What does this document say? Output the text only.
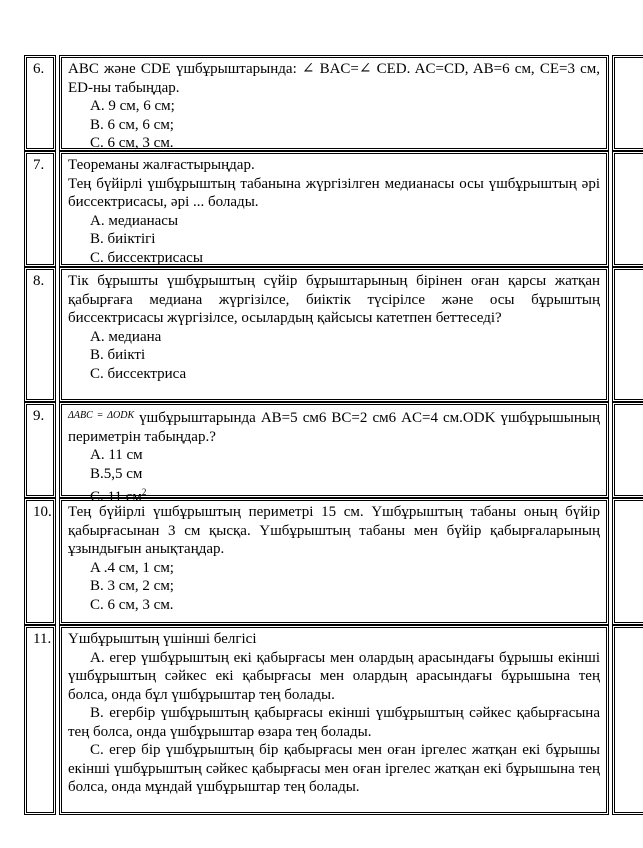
6.	ABC және CDE үшбұрыштарында: ∠ BAC=∠ CED. AC=CD, AB=6 см, CE=3 см, ED-ны табыңдар.

A. 9 см, 6 см;

B. 6 см, 6 см;

C. 6 см, 3 см.

7.	Теореманы жалғастырыңдар.

Тең бүйірлі үшбұрыштың табанына жүргізілген медианасы осы үшбұрыштың әрі биссектрисасы, әрі ... болады.

A. медианасы

B. биіктігі

C. биссектрисасы

8.	Тік бұрышты үшбұрыштың сүйір бұрыштарының бірінен оған қарсы жатқан қабырғаға медиана жүргізілсе, биіктік түсірілсе және осы бұрыштың биссектрисасы жүргізілсе, осылардың қайсысы катетпен беттеседі?

A. медиана

B. биікті

C. биссектриса

9.	$^{\Delta ABC}$ = $^{\Delta ODK}$ үшбұрыштарында AB=5 см6 BC=2 см6 AC=4 см.ODK үшбұрышының периметрін табыңдар.?

A. 11 см

B.5,5 см

C. 11 $см^2$

10. Тең бүйірлі үшбұрыштың периметрі 15 см. Үшбұрыштың табаны оның бүйір қабырғасынан 3 см қысқа. Үшбұрыштың табаны мен бүйір қабырғаларының ұзындығын анықтаңдар.

A .4 см, 1 см;

B. 3 см, 2 см;

C. 6 см, 3 см.

11. Үшбұрыштың үшінші белгісі

A. егер үшбұрыштың екі қабырғасы мен олардың арасындағы бұрышы екінші үшбұрыштың сәйкес екі қабырғасы мен олардың арасындағы бұрышына тең болса, онда бұл үшбұрыштар тең болады.

B. егербір үшбұрыштың қабырғасы екінші үшбұрыштың сәйкес қабырғасына тең болса, онда үшбұрыштар өзара тең болады.

C. егер бір үшбұрыштың бір қабырғасы мен оған іргелес жатқан екі бұрышы екінші үшбұрыштың сәйкес қабырғасы мен оған іргелес жатқан екі бұрышына тең болса, онда мұндай үшбұрыштар тең болады.
